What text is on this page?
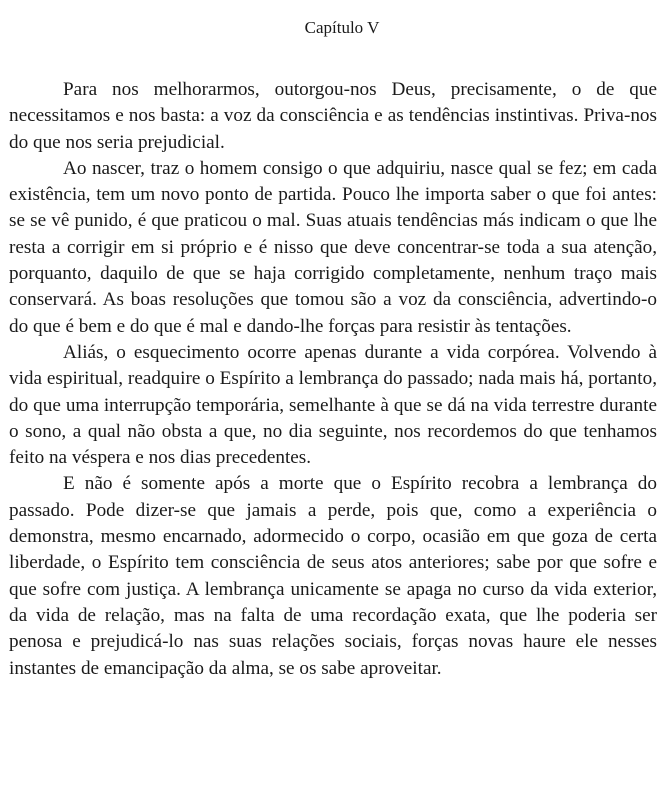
Capítulo V

Para nos melhorarmos, outorgou-nos Deus, precisamente, o de que necessitamos e nos basta: a voz da consciência e as tendências instintivas. Priva-nos do que nos seria prejudicial.

Ao nascer, traz o homem consigo o que adquiriu, nasce qual se fez; em cada existência, tem um novo ponto de partida. Pouco lhe importa saber o que foi antes: se se vê punido, é que praticou o mal. Suas atuais tendências más indicam o que lhe resta a corrigir em si próprio e é nisso que deve concentrar-se toda a sua atenção, porquanto, daquilo de que se haja corrigido completamente, nenhum traço mais conservará. As boas resoluções que tomou são a voz da consciência, advertindo-o do que é bem e do que é mal e dando-lhe forças para resistir às tentações.

Aliás, o esquecimento ocorre apenas durante a vida corpórea. Volvendo à vida espiritual, readquire o Espírito a lembrança do passado; nada mais há, portanto, do que uma interrupção temporária, semelhante à que se dá na vida terrestre durante o sono, a qual não obsta a que, no dia seguinte, nos recordemos do que tenhamos feito na véspera e nos dias precedentes.

E não é somente após a morte que o Espírito recobra a lembrança do passado. Pode dizer-se que jamais a perde, pois que, como a experiência o demonstra, mesmo encarnado, adormecido o corpo, ocasião em que goza de certa liberdade, o Espírito tem consciência de seus atos anteriores; sabe por que sofre e que sofre com justiça. A lembrança unicamente se apaga no curso da vida exterior, da vida de relação, mas na falta de uma recordação exata, que lhe poderia ser penosa e prejudicá-lo nas suas relações sociais, forças novas haure ele nesses instantes de emancipação da alma, se os sabe aproveitar.
